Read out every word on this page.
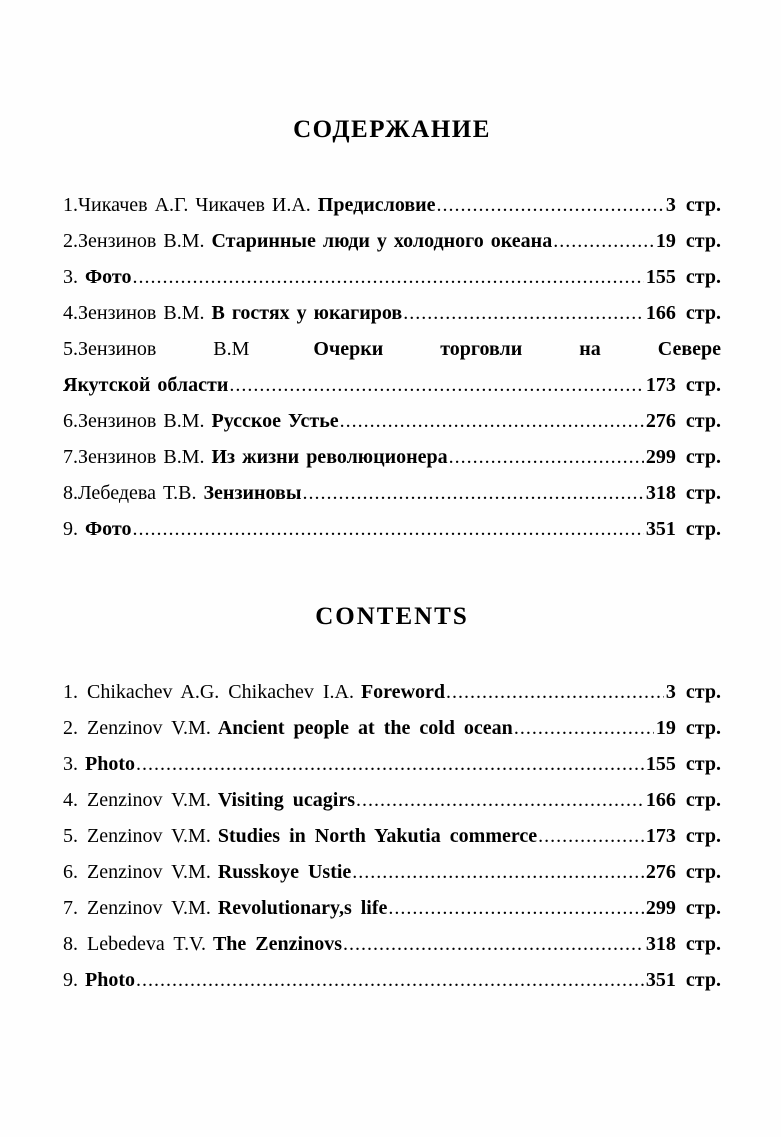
СОДЕРЖАНИЕ
1.Чикачев А.Г. Чикачев И.А. Предисловие .....	3 стр.
2.Зензинов В.М. Старинные люди у холодного океана .....	19 стр.
3. Фото .....	155 стр.
4.Зензинов В.М. В гостях у юкагиров .....	166 стр.
5.Зензинов В.М	Очерки торговли на Севере
Якутской области .....	173 стр.
6.Зензинов В.М. Русское Устье .....	276 стр.
7.Зензинов В.М. Из жизни революционера .....	299 стр.
8.Лебедева Т.В. Зензиновы .....	318 стр.
9. Фото .....	351 стр.
CONTENTS
1. Chikachev A.G. Chikachev I.A. Foreword .....	3 стр.
2. Zenzinov V.M. Ancient people at the cold ocean .....	19 стр.
3. Photo .....	155 стр.
4. Zenzinov V.M. Visiting ucagirs .....	166 стр.
5. Zenzinov V.M. Studies in North Yakutia commerce .....	173 стр.
6. Zenzinov V.M. Russkoye Ustie .....	276 стр.
7. Zenzinov V.M. Revolutionary,s life .....	299 стр.
8. Lebedeva T.V. The Zenzinovs .....	318 стр.
9. Photo .....	351 стр.
